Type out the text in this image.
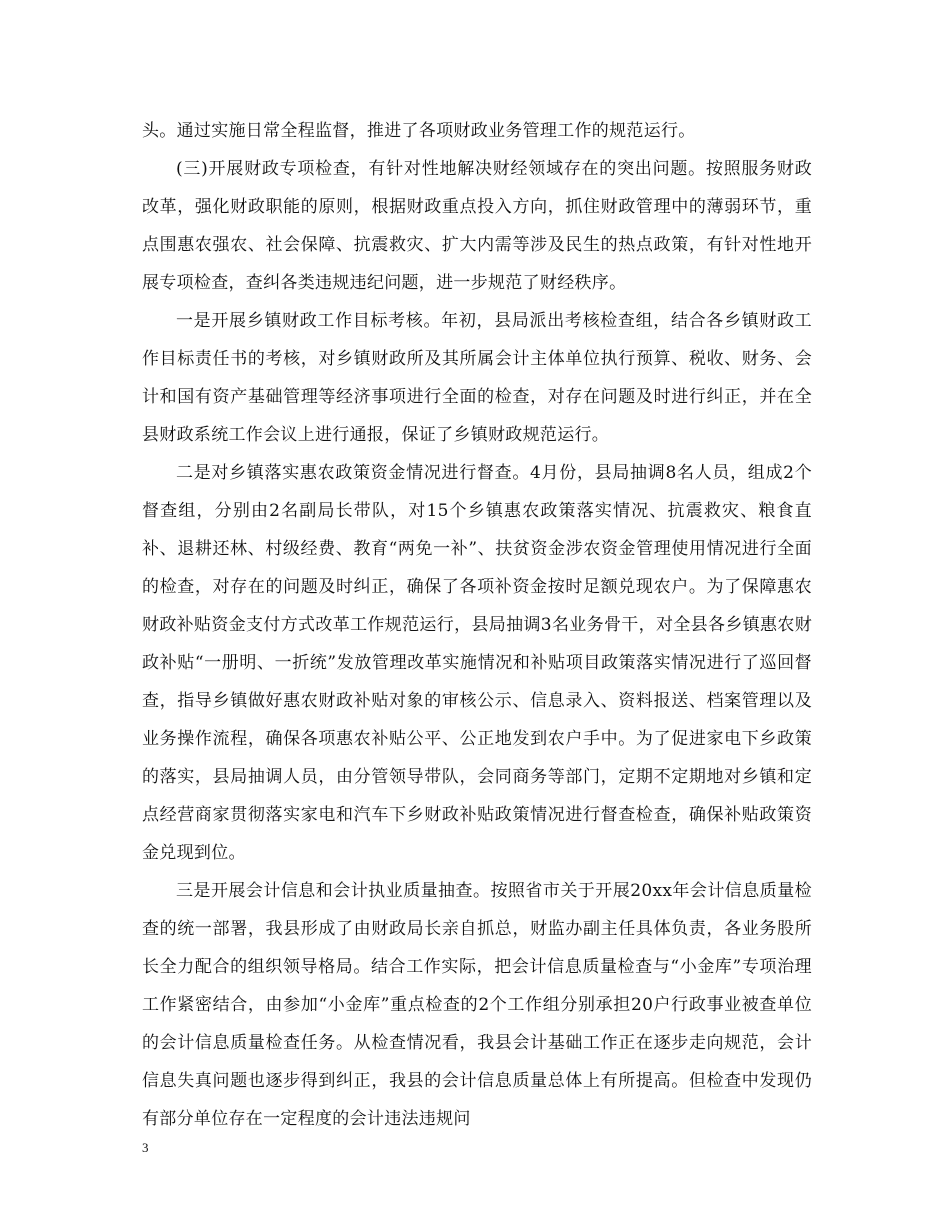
头。通过实施日常全程监督，推进了各项财政业务管理工作的规范运行。

(三)开展财政专项检查，有针对性地解决财经领域存在的突出问题。按照服务财政改革，强化财政职能的原则，根据财政重点投入方向，抓住财政管理中的薄弱环节，重点围惠农强农、社会保障、抗震救灾、扩大内需等涉及民生的热点政策，有针对性地开展专项检查，查纠各类违规违纪问题，进一步规范了财经秩序。

一是开展乡镇财政工作目标考核。年初，县局派出考核检查组，结合各乡镇财政工作目标责任书的考核，对乡镇财政所及其所属会计主体单位执行预算、税收、财务、会计和国有资产基础管理等经济事项进行全面的检查，对存在问题及时进行纠正，并在全县财政系统工作会议上进行通报，保证了乡镇财政规范运行。

二是对乡镇落实惠农政策资金情况进行督查。4月份，县局抽调8名人员，组成2个督查组，分别由2名副局长带队，对15个乡镇惠农政策落实情况、抗震救灾、粮食直补、退耕还林、村级经费、教育“两免一补”、扶贫资金涉农资金管理使用情况进行全面的检查，对存在的问题及时纠正，确保了各项补资金按时足额兑现农户。为了保障惠农财政补贴资金支付方式改革工作规范运行，县局抽调3名业务骨干，对全县各乡镇惠农财政补贴“一册明、一折统”发放管理改革实施情况和补贴项目政策落实情况进行了巡回督查，指导乡镇做好惠农财政补贴对象的审核公示、信息录入、资料报送、档案管理以及业务操作流程，确保各项惠农补贴公平、公正地发到农户手中。为了促进家电下乡政策的落实，县局抽调人员，由分管领导带队，会同商务等部门，定期不定期地对乡镇和定点经营商家贯彻落实家电和汽车下乡财政补贴政策情况进行督查检查，确保补贴政策资金兑现到位。

三是开展会计信息和会计执业质量抽查。按照省市关于开展20xx年会计信息质量检查的统一部署，我县形成了由财政局长亲自抓总，财监办副主任具体负责，各业务股所长全力配合的组织领导格局。结合工作实际，把会计信息质量检查与“小金库”专项治理工作紧密结合，由参加“小金库”重点检查的2个工作组分别承担20户行政事业被查单位的会计信息质量检查任务。从检查情况看，我县会计基础工作正在逐步走向规范，会计信息失真问题也逐步得到纠正，我县的会计信息质量总体上有所提高。但检查中发现仍有部分单位存在一定程度的会计违法违规问

3
